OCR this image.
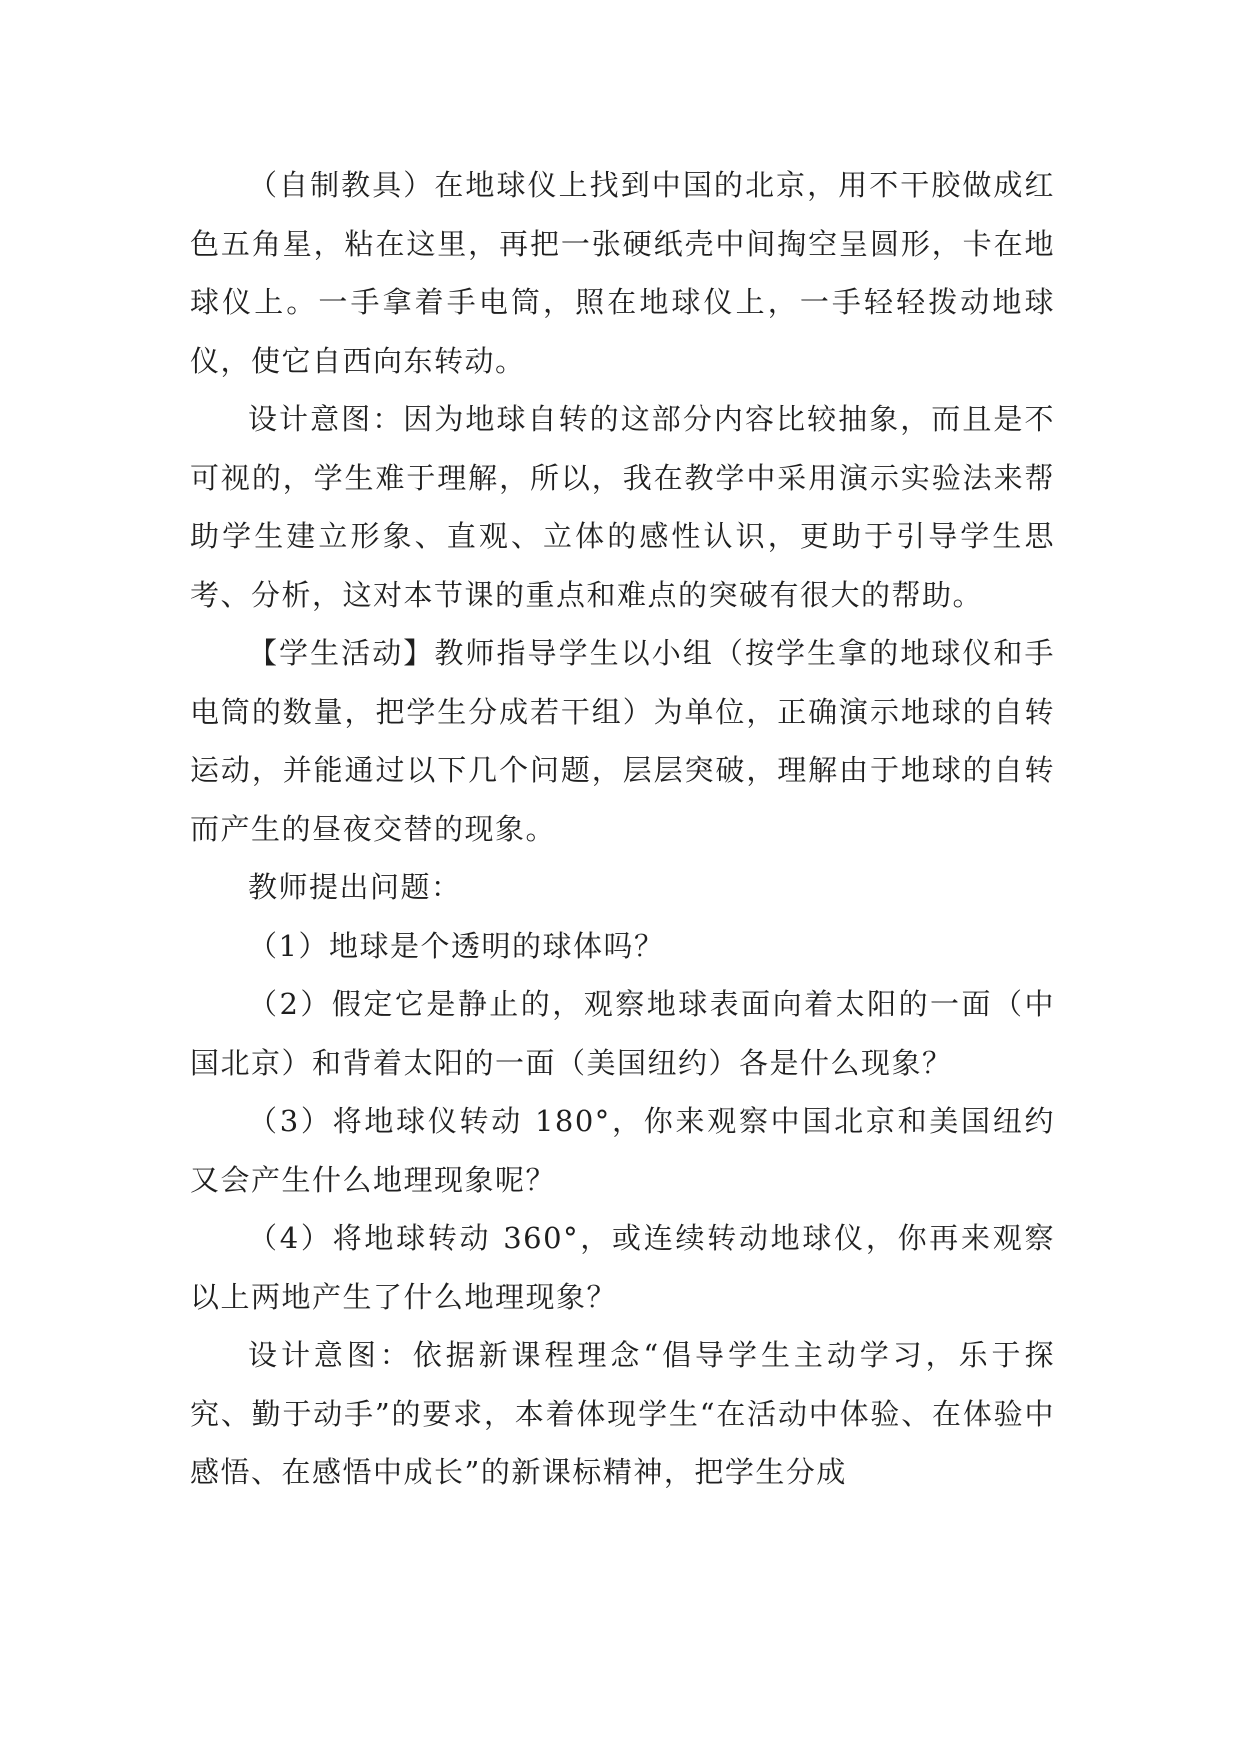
（自制教具）在地球仪上找到中国的北京，用不干胶做成红色五角星，粘在这里，再把一张硬纸壳中间掏空呈圆形，卡在地球仪上。一手拿着手电筒，照在地球仪上，一手轻轻拨动地球仪，使它自西向东转动。

设计意图：因为地球自转的这部分内容比较抽象，而且是不可视的，学生难于理解，所以，我在教学中采用演示实验法来帮助学生建立形象、直观、立体的感性认识，更助于引导学生思考、分析，这对本节课的重点和难点的突破有很大的帮助。

【学生活动】教师指导学生以小组（按学生拿的地球仪和手电筒的数量，把学生分成若干组）为单位，正确演示地球的自转运动，并能通过以下几个问题，层层突破，理解由于地球的自转而产生的昼夜交替的现象。

教师提出问题：

（1）地球是个透明的球体吗？

（2）假定它是静止的，观察地球表面向着太阳的一面（中国北京）和背着太阳的一面（美国纽约）各是什么现象？

（3）将地球仪转动 180°，你来观察中国北京和美国纽约又会产生什么地理现象呢？

（4）将地球转动 360°，或连续转动地球仪，你再来观察以上两地产生了什么地理现象？

设计意图：依据新课程理念“倡导学生主动学习，乐于探究、勤于动手”的要求，本着体现学生“在活动中体验、在体验中感悟、在感悟中成长”的新课标精神，把学生分成
